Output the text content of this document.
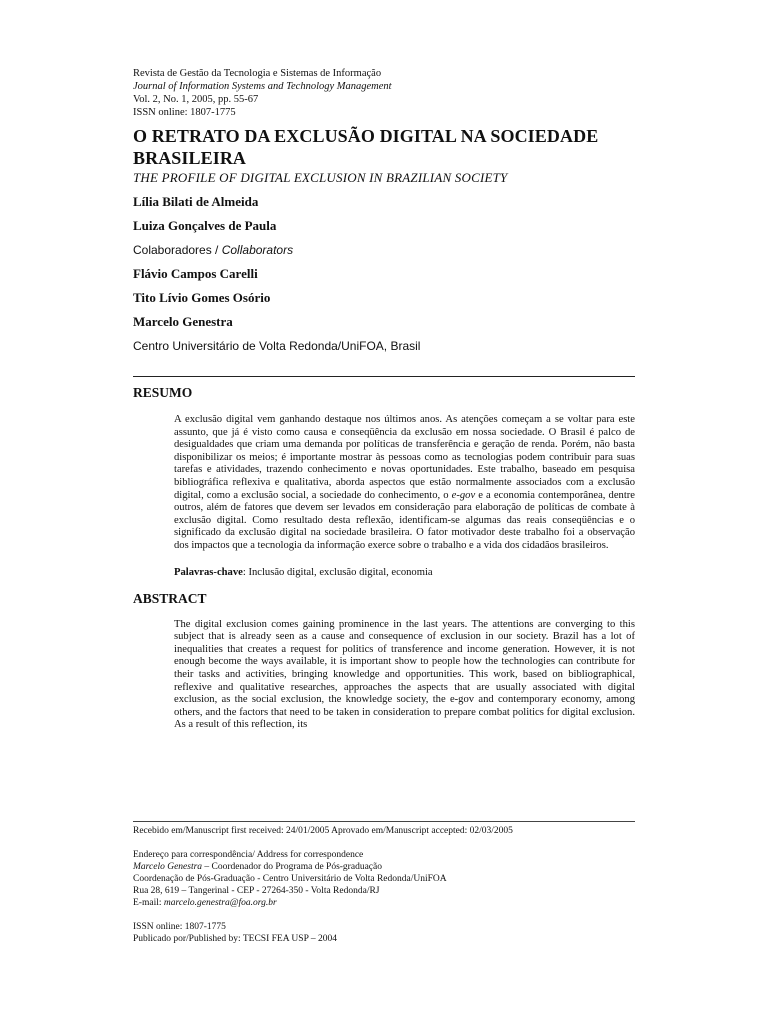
Revista de Gestão da Tecnologia e Sistemas de Informação
Journal of Information Systems and Technology Management
Vol. 2, No. 1, 2005, pp. 55-67
ISSN online: 1807-1775
O RETRATO DA EXCLUSÃO DIGITAL NA SOCIEDADE BRASILEIRA
THE PROFILE OF DIGITAL EXCLUSION IN BRAZILIAN SOCIETY
Lília Bilati de Almeida
Luiza Gonçalves de Paula
Colaboradores / Collaborators
Flávio Campos Carelli
Tito Lívio Gomes Osório
Marcelo Genestra
Centro Universitário de Volta Redonda/UniFOA, Brasil
RESUMO
A exclusão digital vem ganhando destaque nos últimos anos. As atenções começam a se voltar para este assunto, que já é visto como causa e conseqüência da exclusão em nossa sociedade. O Brasil é palco de desigualdades que criam uma demanda por políticas de transferência e geração de renda. Porém, não basta disponibilizar os meios; é importante mostrar às pessoas como as tecnologias podem contribuir para suas tarefas e atividades, trazendo conhecimento e novas oportunidades. Este trabalho, baseado em pesquisa bibliográfica reflexiva e qualitativa, aborda aspectos que estão normalmente associados com a exclusão digital, como a exclusão social, a sociedade do conhecimento, o e-gov e a economia contemporânea, dentre outros, além de fatores que devem ser levados em consideração para elaboração de políticas de combate à exclusão digital. Como resultado desta reflexão, identificam-se algumas das reais conseqüências e o significado da exclusão digital na sociedade brasileira. O fator motivador deste trabalho foi a observação dos impactos que a tecnologia da informação exerce sobre o trabalho e a vida dos cidadãos brasileiros.
Palavras-chave: Inclusão digital, exclusão digital, economia
ABSTRACT
The digital exclusion comes gaining prominence in the last years. The attentions are converging to this subject that is already seen as a cause and consequence of exclusion in our society. Brazil has a lot of inequalities that creates a request for politics of transference and income generation. However, it is not enough become the ways available, it is important show to people how the technologies can contribute for their tasks and activities, bringing knowledge and opportunities. This work, based on bibliographical, reflexive and qualitative researches, approaches the aspects that are usually associated with digital exclusion, as the social exclusion, the knowledge society, the e-gov and contemporary economy, among others, and the factors that need to be taken in consideration to prepare combat politics for digital exclusion. As a result of this reflection, its
Recebido em/Manuscript first received: 24/01/2005 Aprovado em/Manuscript accepted: 02/03/2005
Endereço para correspondência/ Address for correspondence
Marcelo Genestra – Coordenador do Programa de Pós-graduação
Coordenação de Pós-Graduação - Centro Universitário de Volta Redonda/UniFOA
Rua 28, 619 – Tangerinal - CEP - 27264-350 - Volta Redonda/RJ
E-mail: marcelo.genestra@foa.org.br
ISSN online: 1807-1775
Publicado por/Published by: TECSI FEA USP – 2004
